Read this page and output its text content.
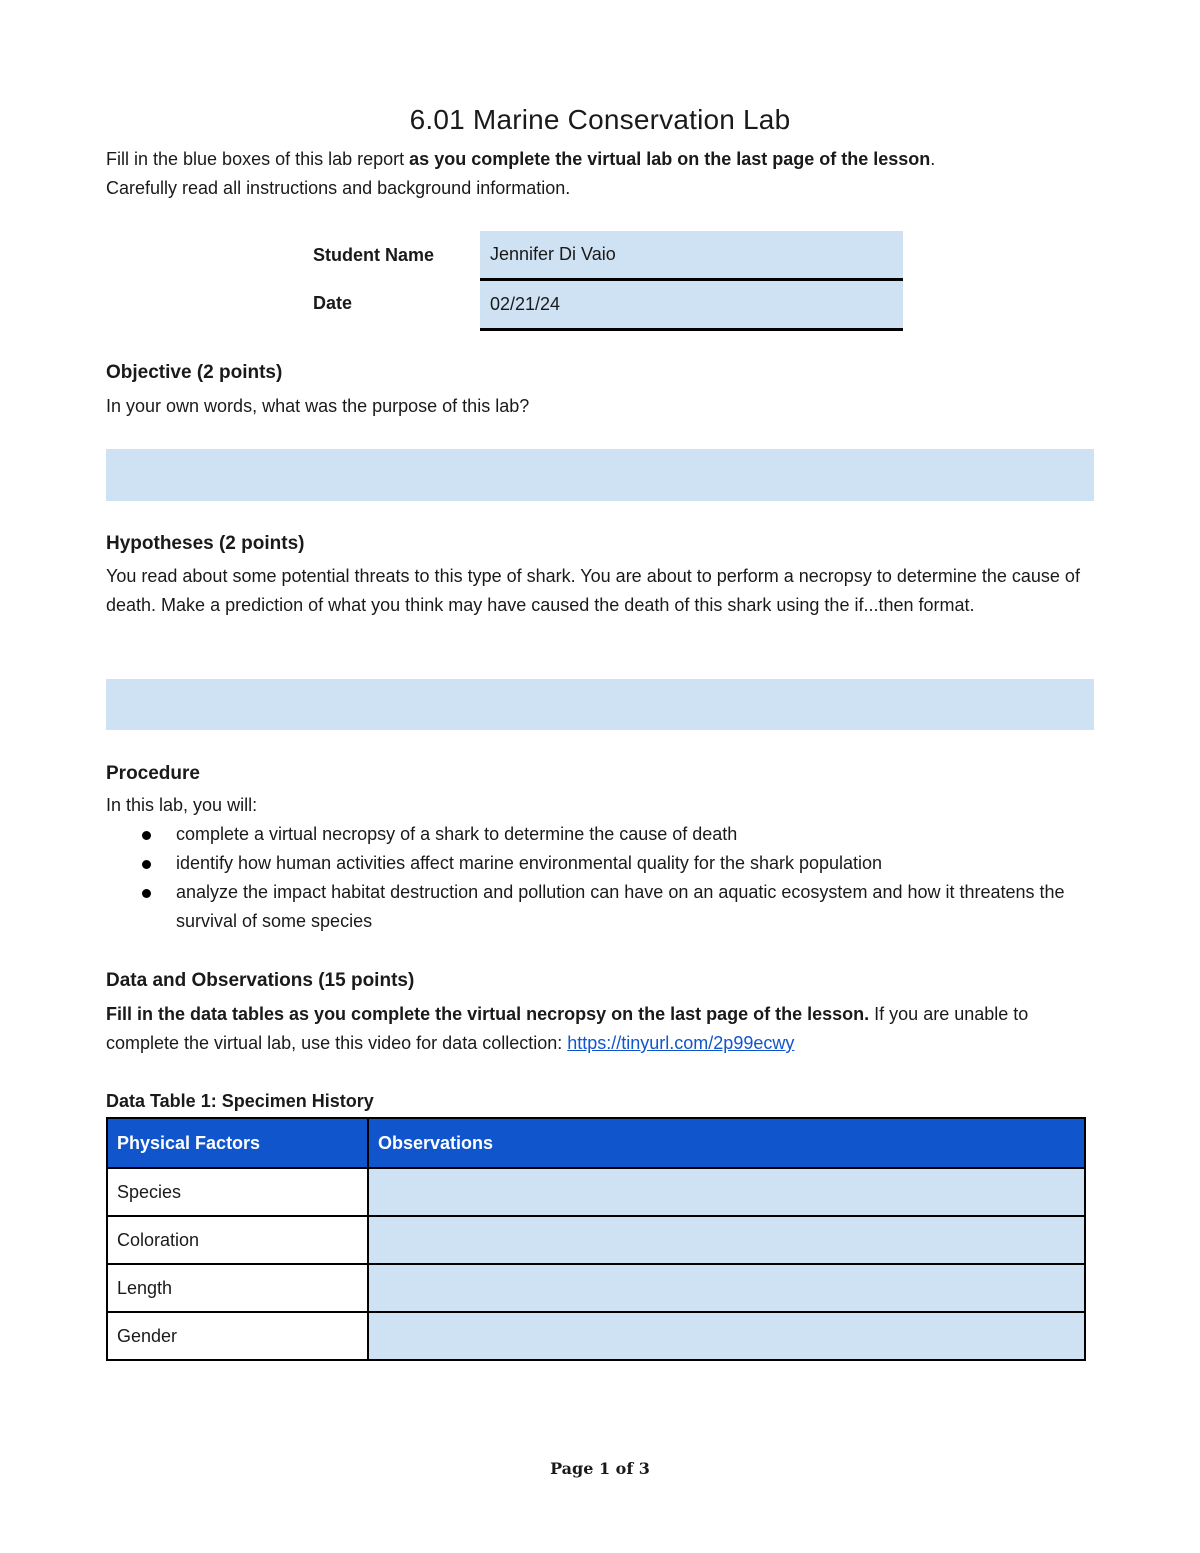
6.01 Marine Conservation Lab

Fill in the blue boxes of this lab report as you complete the virtual lab on the last page of the lesson.

Carefully read all instructions and background information.

Student Name	Jennifer Di Vaio
Date	02/21/24
Objective (2 points)

In your own words, what was the purpose of this lab?

Hypotheses (2 points)

You read about some potential threats to this type of shark. You are about to perform a necropsy to determine the cause of death. Make a prediction of what you think may have caused the death of this shark using the if...then format.

Procedure

In this lab, you will:

complete a virtual necropsy of a shark to determine the cause of death
identify how human activities affect marine environmental quality for the shark population
analyze the impact habitat destruction and pollution can have on an aquatic ecosystem and how it threatens the survival of some species
Data and Observations (15 points)

Fill in the data tables as you complete the virtual necropsy on the last page of the lesson. If you are unable to complete the virtual lab, use this video for data collection: https://tinyurl.com/2p99ecwy

Data Table 1: Specimen History
Physical Factors	Observations
Species	
Coloration	
Length	
Gender	
Page 1 of 3
